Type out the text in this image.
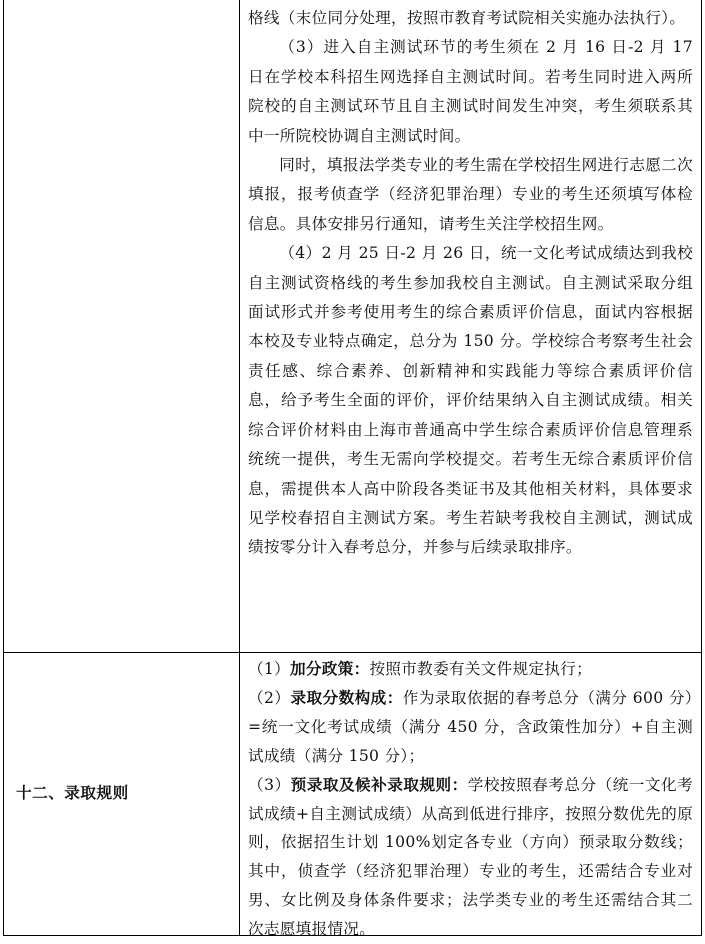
格线（末位同分处理，按照市教育考试院相关实施办法执行）。

（3）进入自主测试环节的考生须在 2 月 16 日-2 月 17 日在学校本科招生网选择自主测试时间。若考生同时进入两所院校的自主测试环节且自主测试时间发生冲突，考生须联系其中一所院校协调自主测试时间。

同时，填报法学类专业的考生需在学校招生网进行志愿二次填报，报考侦查学（经济犯罪治理）专业的考生还须填写体检信息。具体安排另行通知，请考生关注学校招生网。

（4）2 月 25 日-2 月 26 日，统一文化考试成绩达到我校自主测试资格线的考生参加我校自主测试。自主测试采取分组面试形式并参考使用考生的综合素质评价信息，面试内容根据本校及专业特点确定，总分为 150 分。学校综合考察考生社会责任感、综合素养、创新精神和实践能力等综合素质评价信息，给予考生全面的评价，评价结果纳入自主测试成绩。相关综合评价材料由上海市普通高中学生综合素质评价信息管理系统统一提供，考生无需向学校提交。若考生无综合素质评价信息，需提供本人高中阶段各类证书及其他相关材料，具体要求见学校春招自主测试方案。考生若缺考我校自主测试，测试成绩按零分计入春考总分，并参与后续录取排序。

十二、录取规则

（1）加分政策：按照市教委有关文件规定执行；

（2）录取分数构成：作为录取依据的春考总分（满分 600 分）=统一文化考试成绩（满分 450 分，含政策性加分）+自主测试成绩（满分 150 分）；

（3）预录取及候补录取规则：学校按照春考总分（统一文化考试成绩+自主测试成绩）从高到低进行排序，按照分数优先的原则，依据招生计划 100%划定各专业（方向）预录取分数线；其中，侦查学（经济犯罪治理）专业的考生，还需结合专业对男、女比例及身体条件要求；法学类专业的考生还需结合其二次志愿填报情况。
